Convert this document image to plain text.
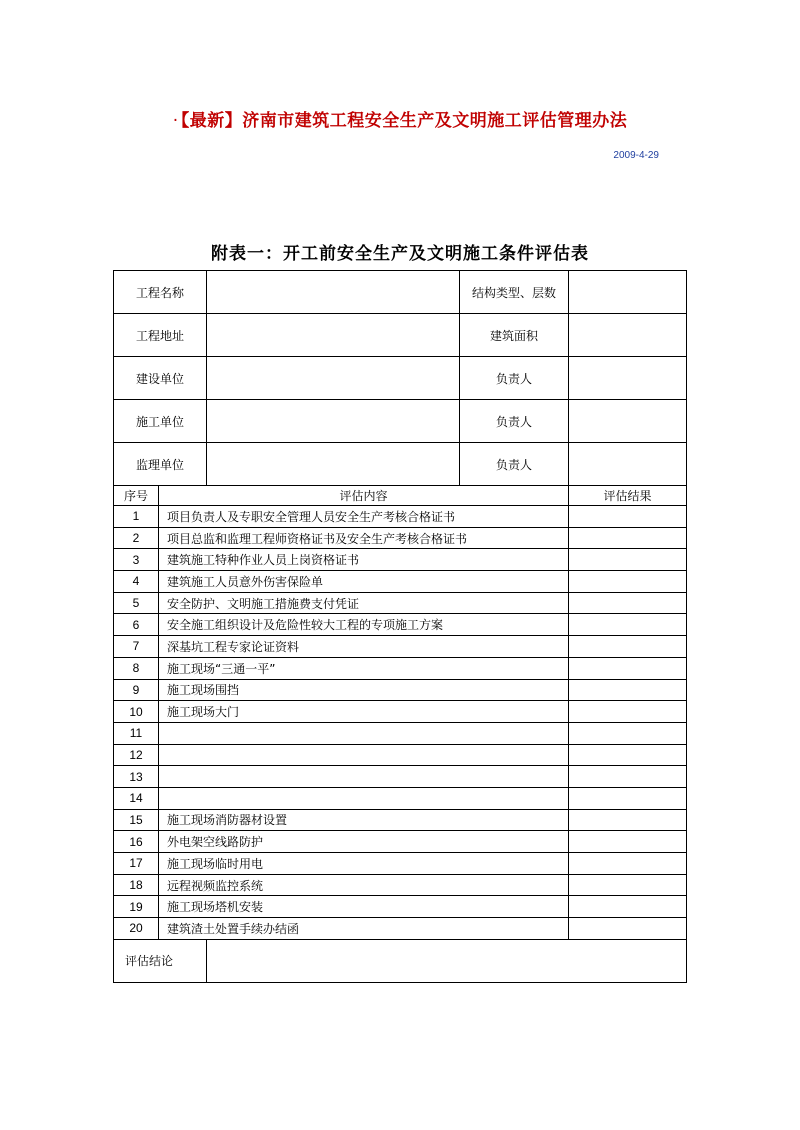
· 【最新】济南市建筑工程安全生产及文明施工评估管理办法
2009-4-29
附表一：开工前安全生产及文明施工条件评估表
工程名称			结构类型、层数	
工程地址			建筑面积	
建设单位			负责人	
施工单位			负责人	
监理单位			负责人	
序号	评估内容			评估结果
1	项目负责人及专职安全管理人员安全生产考核合格证书			
2	项目总监和监理工程师资格证书及安全生产考核合格证书			
3	建筑施工特种作业人员上岗资格证书			
4	建筑施工人员意外伤害保险单			
5	安全防护、文明施工措施费支付凭证			
6	安全施工组织设计及危险性较大工程的专项施工方案			
7	深基坑工程专家论证资料			
8	施工现场“三通一平”			
9	施工现场围挡			
10	施工现场大门			
11				
12				
13				
14				
15	施工现场消防器材设置			
16	外电架空线路防护			
17	施工现场临时用电			
18	远程视频监控系统			
19	施工现场塔机安装			
20	建筑渣土处置手续办结函			
评估结论				
